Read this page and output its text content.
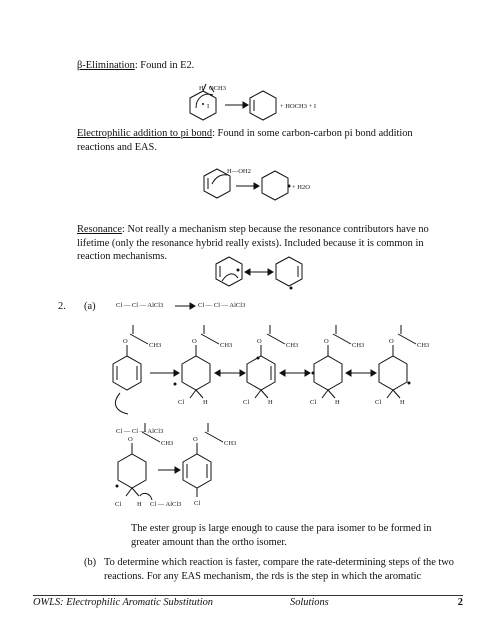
β-Elimination: Found in E2.
H OCH3
I	+ HOCH3 + I
Electrophilic addition to pi bond: Found in some carbon-carbon pi bond addition reactions and EAS.
H—OH2
+ H2O
Resonance: Not really a mechanism step because the resonance contributors have no lifetime (only the resonance hybrid really exists). Included because it is common in reaction mechanisms.
2. (a)	Cl — Cl — AlCl3	Cl — Cl — AlCl3
O
CH3
Cl — Cl — AlCl3
O
CH3
Cl	H
O
CH3
Cl	H
O
CH3
Cl	H
O
CH3
Cl	H
O
CH3
Cl H Cl — AlCl3
O
CH3
Cl
The ester group is large enough to cause the para isomer to be formed in greater amount than the ortho isomer.
(b) To determine which reaction is faster, compare the rate-determining steps of the two reactions. For any EAS mechanism, the rds is the step in which the aromatic
OWLS: Electrophilic Aromatic Substitution	Solutions	2
